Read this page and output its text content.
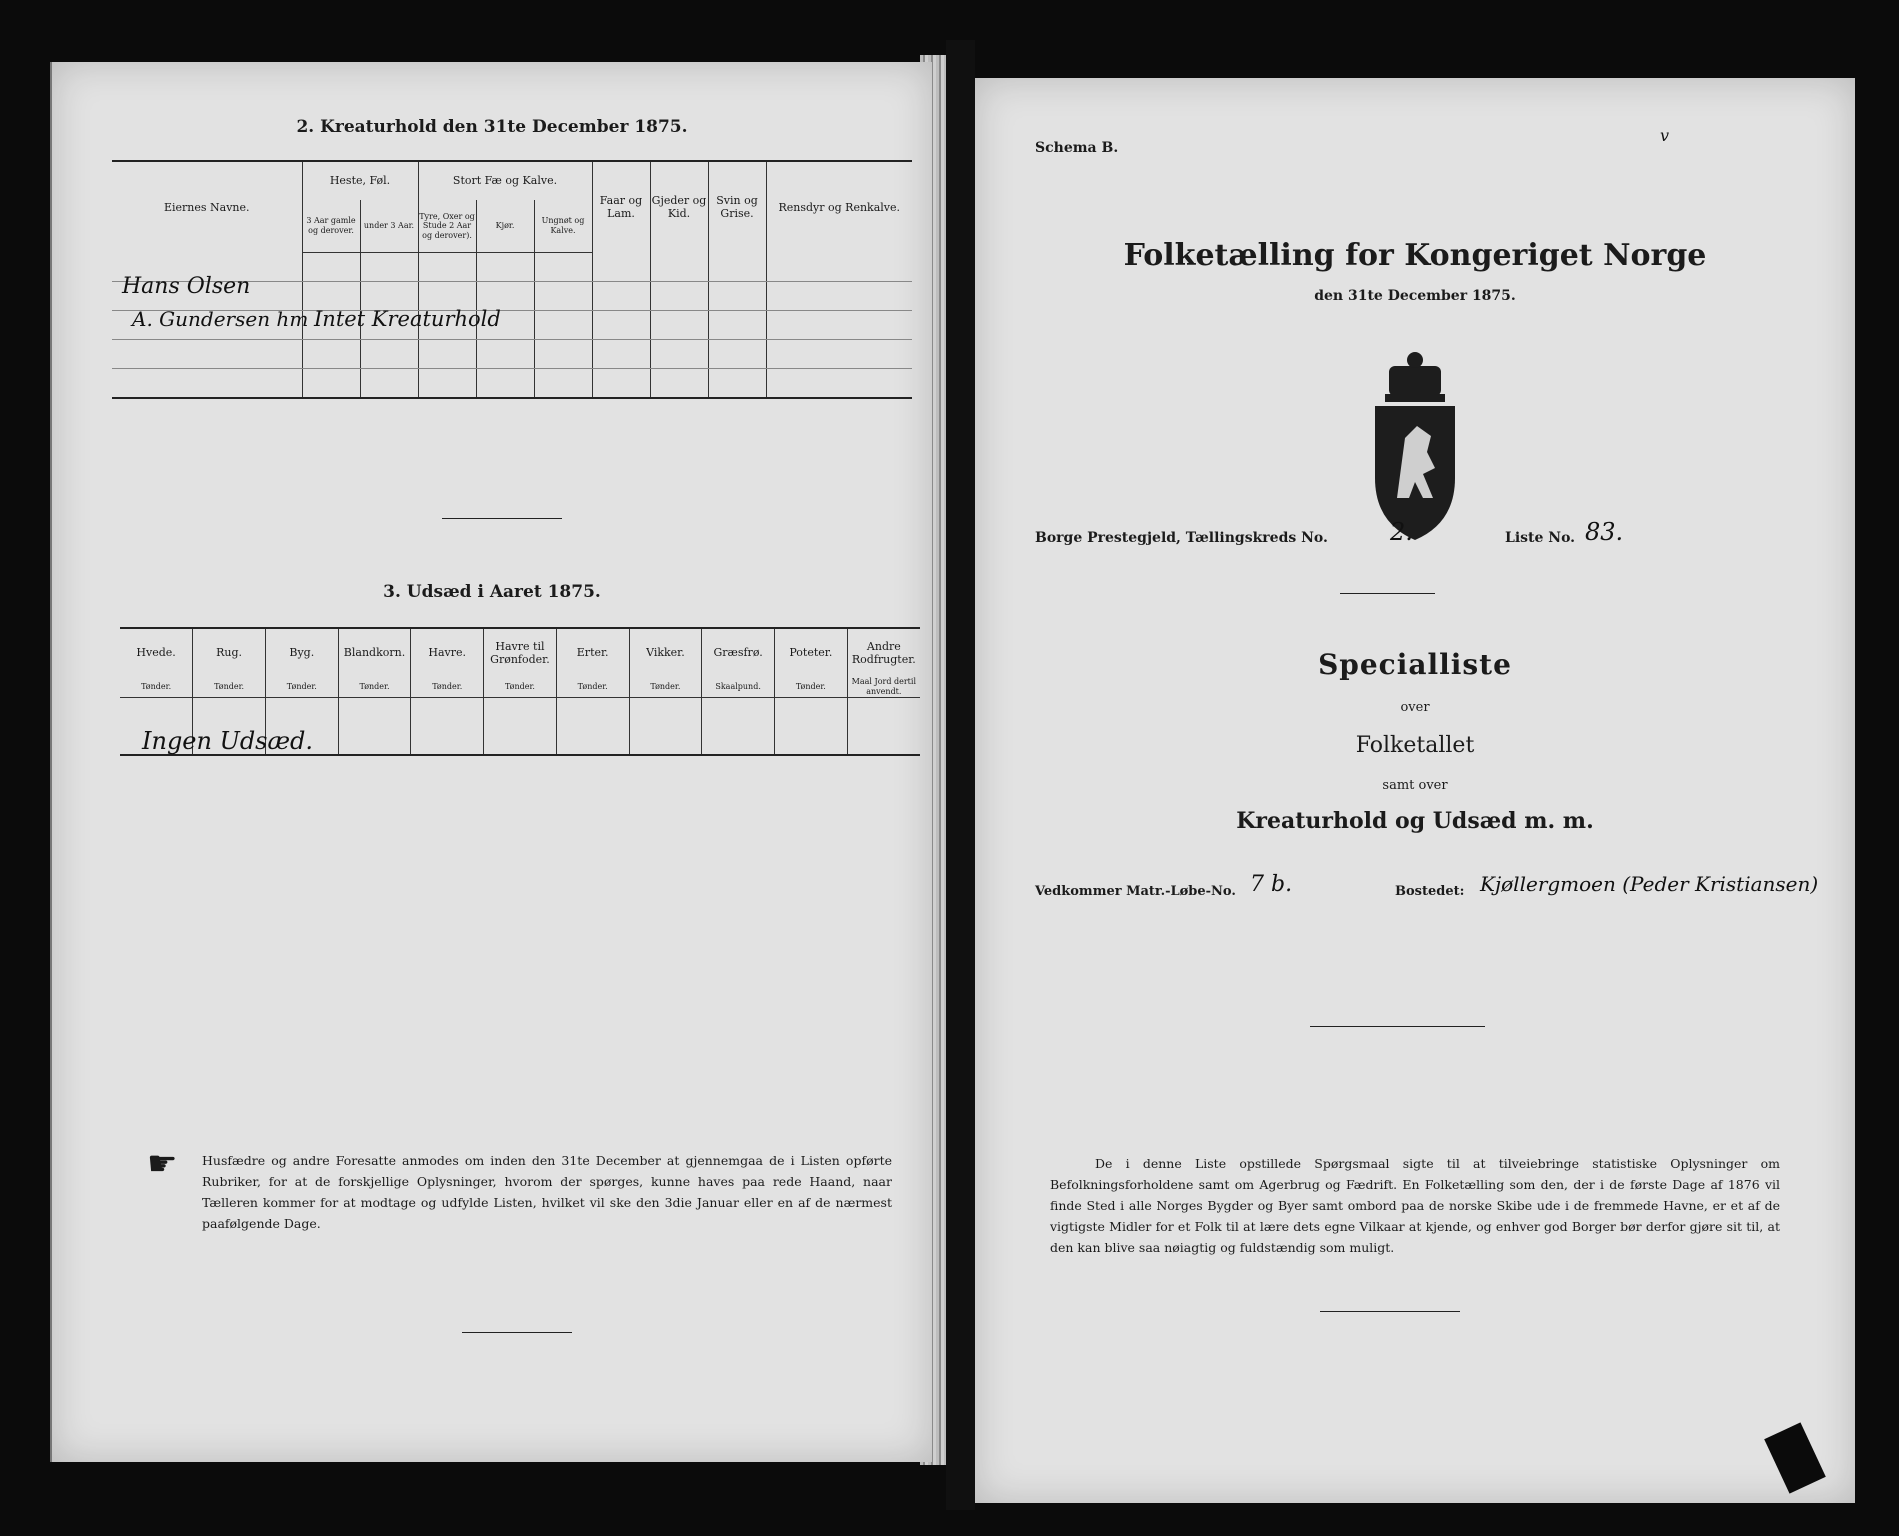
2. Kreaturhold den 31te December 1875.
Eiernes Navne.	Heste, Føl.		Stort Fæ og Kalve.			Faar og Lam.	Gjeder og Kid.	Svin og Grise.	Rensdyr og Renkalve.
	3 Aar gamle og derover.	under 3 Aar.	Tyre, Oxer og Stude 2 Aar og derover).	Kjør.	Ungnøt og Kalve.				

Hans Olsen
A. Gundersen hm Intet Kreaturhold
3. Udsæd i Aaret 1875.
Hvede.	Rug.	Byg.	Blandkorn.	Havre.	Havre til Grønfoder.	Erter.	Vikker.	Græsfrø.	Poteter.	Andre Rodfrugter.
Tønder.	Tønder.	Tønder.	Tønder.	Tønder.	Tønder.	Tønder.	Tønder.	Skaalpund.	Tønder.	Maal Jord dertil anvendt.

Ingen Udsæd.
☛ Husfædre og andre Foresatte anmodes om inden den 31te December at gjennemgaa de i Listen opførte Rubriker, for at de forskjellige Oplysninger, hvorom der spørges, kunne haves paa rede Haand, naar Tælleren kommer for at modtage og udfylde Listen, hvilket vil ske den 3die Januar eller en af de nærmest paafølgende Dage.
Schema B.
v
Folketælling for Kongeriget Norge
den 31te December 1875.
Borge Prestegjeld, Tællingskreds No.	2.	Liste No. 83.
Specialliste
over
Folketallet
samt over
Kreaturhold og Udsæd m. m.
Vedkommer Matr.-Løbe-No. 7 b.	Bostedet: Kjøllergmoen (Peder Kristiansen)
De i denne Liste opstillede Spørgsmaal sigte til at tilveiebringe statistiske Oplysninger om Befolkningsforholdene samt om Agerbrug og Fædrift. En Folketælling som den, der i de første Dage af 1876 vil finde Sted i alle Norges Bygder og Byer samt ombord paa de norske Skibe ude i de fremmede Havne, er et af de vigtigste Midler for et Folk til at lære dets egne Vilkaar at kjende, og enhver god Borger bør derfor gjøre sit til, at den kan blive saa nøiagtig og fuldstændig som muligt.
